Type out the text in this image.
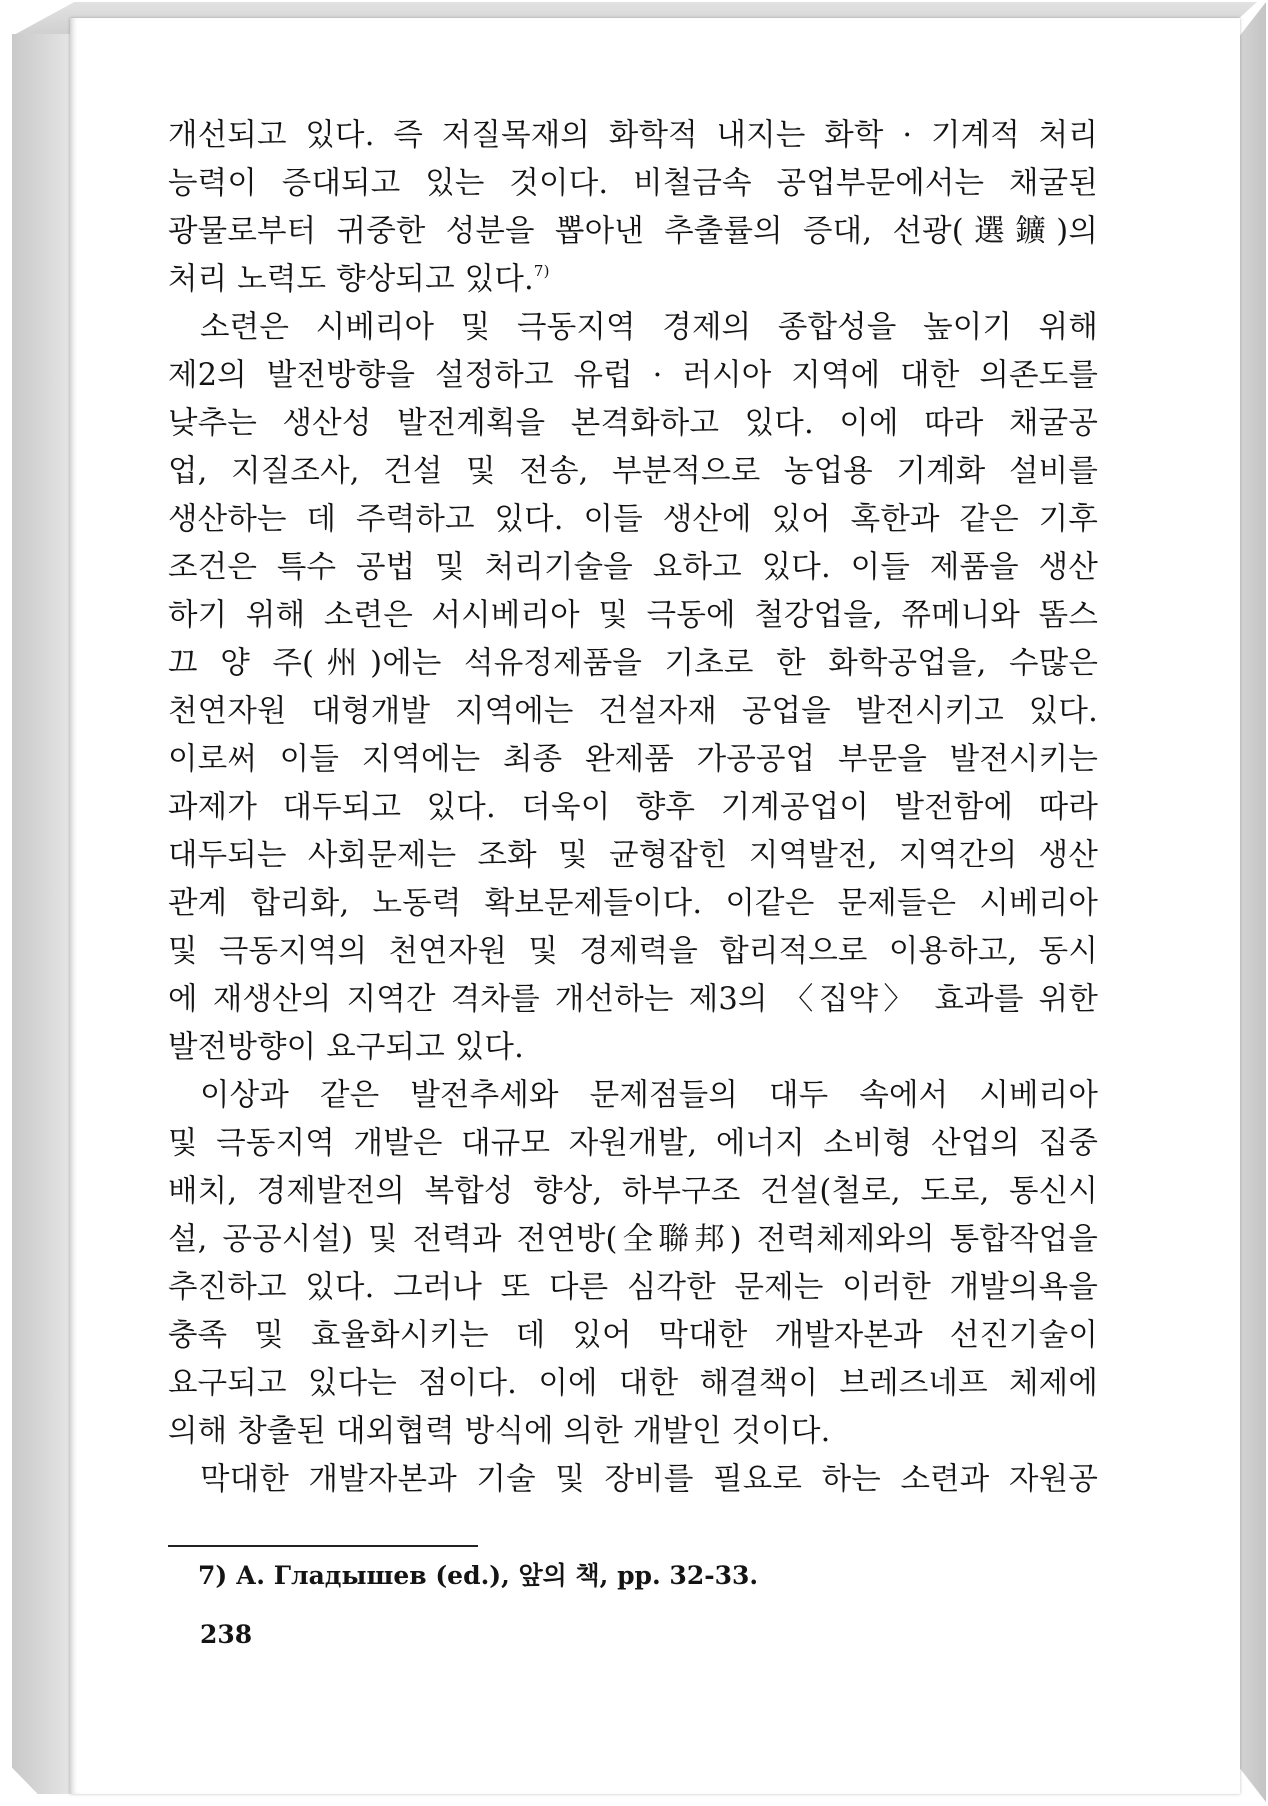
개선되고 있다. 즉 저질목재의 화학적 내지는 화학 · 기계적 처리
능력이 증대되고 있는 것이다. 비철금속 공업부문에서는 채굴된
광물로부터 귀중한 성분을 뽑아낸 추출률의 증대, 선광(選鑛)의
처리 노력도 향상되고 있다.$^{7)}$
소련은 시베리아 및 극동지역 경제의 종합성을 높이기 위해
제2의 발전방향을 설정하고 유럽 · 러시아 지역에 대한 의존도를
낮추는 생산성 발전계획을 본격화하고 있다. 이에 따라 채굴공
업, 지질조사, 건설 및 전송, 부분적으로 농업용 기계화 설비를
생산하는 데 주력하고 있다. 이들 생산에 있어 혹한과 같은 기후
조건은 특수 공법 및 처리기술을 요하고 있다. 이들 제품을 생산
하기 위해 소련은 서시베리아 및 극동에 철강업을, 쮸메니와 똠스
끄 양 주(州)에는 석유정제품을 기초로 한 화학공업을, 수많은
천연자원 대형개발 지역에는 건설자재 공업을 발전시키고 있다.
이로써 이들 지역에는 최종 완제품 가공공업 부문을 발전시키는
과제가 대두되고 있다. 더욱이 향후 기계공업이 발전함에 따라
대두되는 사회문제는 조화 및 균형잡힌 지역발전, 지역간의 생산
관계 합리화, 노동력 확보문제들이다. 이같은 문제들은 시베리아
및 극동지역의 천연자원 및 경제력을 합리적으로 이용하고, 동시
에 재생산의 지역간 격차를 개선하는 제3의 〈집약〉 효과를 위한
발전방향이 요구되고 있다.
이상과 같은 발전추세와 문제점들의 대두 속에서 시베리아
및 극동지역 개발은 대규모 자원개발, 에너지 소비형 산업의 집중
배치, 경제발전의 복합성 향상, 하부구조 건설(철로, 도로, 통신시
설, 공공시설) 및 전력과 전연방(全聯邦) 전력체제와의 통합작업을
추진하고 있다. 그러나 또 다른 심각한 문제는 이러한 개발의욕을
충족 및 효율화시키는 데 있어 막대한 개발자본과 선진기술이
요구되고 있다는 점이다. 이에 대한 해결책이 브레즈네프 체제에
의해 창출된 대외협력 방식에 의한 개발인 것이다.
막대한 개발자본과 기술 및 장비를 필요로 하는 소련과 자원공
7) А. Гладышев (ed.), 앞의 책, pp. 32-33.
238
